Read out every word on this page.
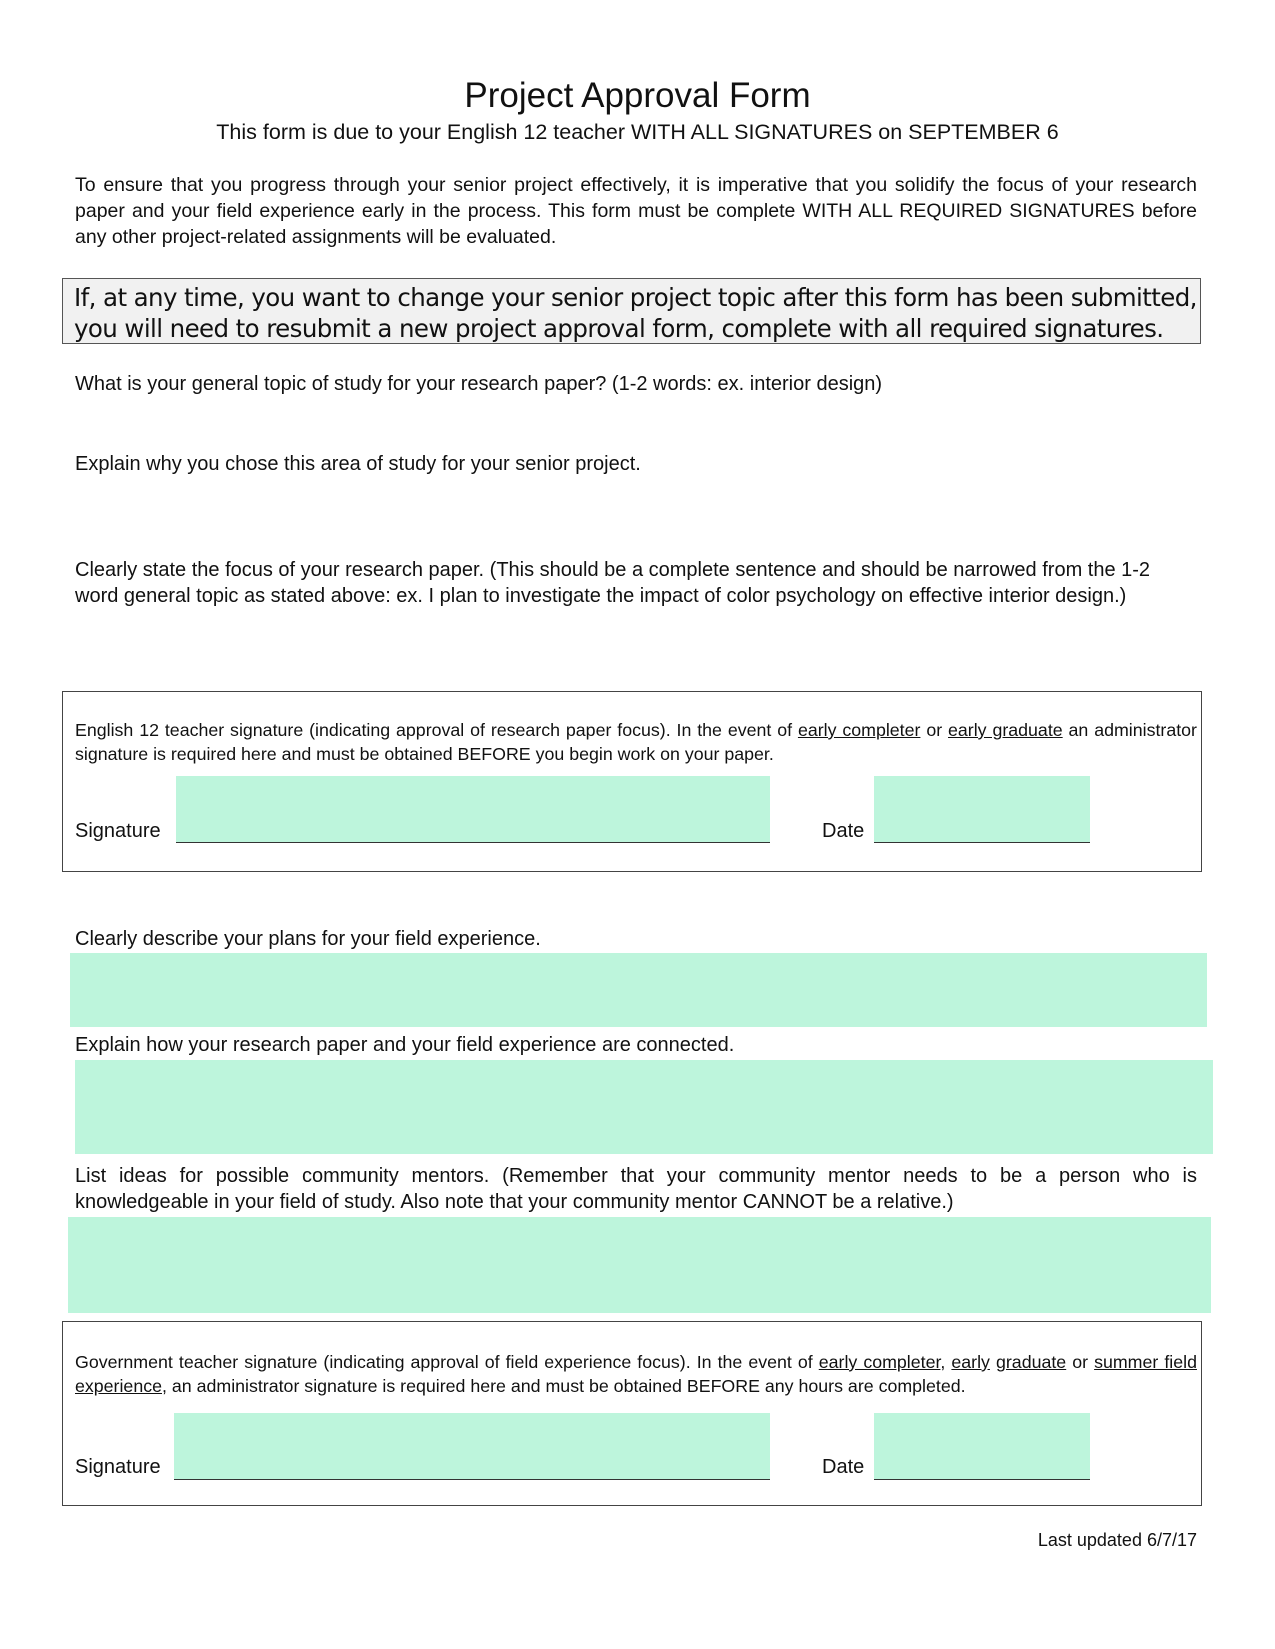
Project Approval Form
This form is due to your English 12 teacher WITH ALL SIGNATURES on SEPTEMBER 6
To ensure that you progress through your senior project effectively, it is imperative that you solidify the focus of your research paper and your field experience early in the process. This form must be complete WITH ALL REQUIRED SIGNATURES before any other project-related assignments will be evaluated.
If, at any time, you want to change your senior project topic after this form has been submitted, you will need to resubmit a new project approval form, complete with all required signatures.
What is your general topic of study for your research paper? (1-2 words: ex. interior design)
Explain why you chose this area of study for your senior project.
Clearly state the focus of your research paper. (This should be a complete sentence and should be narrowed from the 1-2 word general topic as stated above: ex. I plan to investigate the impact of color psychology on effective interior design.)
English 12 teacher signature (indicating approval of research paper focus). In the event of early completer or early graduate an administrator signature is required here and must be obtained BEFORE you begin work on your paper.
Signature	Date
Clearly describe your plans for your field experience.
Explain how your research paper and your field experience are connected.
List ideas for possible community mentors. (Remember that your community mentor needs to be a person who is knowledgeable in your field of study. Also note that your community mentor CANNOT be a relative.)
Government teacher signature (indicating approval of field experience focus). In the event of early completer, early graduate or summer field experience, an administrator signature is required here and must be obtained BEFORE any hours are completed.
Signature	Date
Last updated 6/7/17
